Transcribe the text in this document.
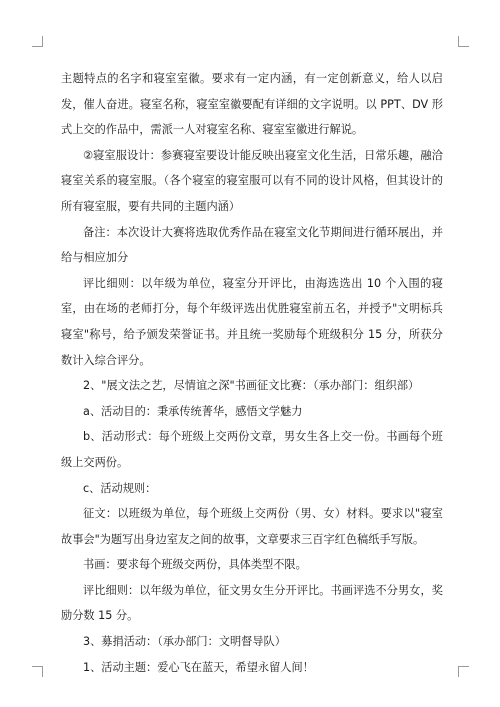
主题特点的名字和寝室室徽。要求有一定内涵，有一定创新意义，给人以启发，催人奋进。寝室名称，寝室室徽要配有详细的文字说明。以 PPT、DV 形式上交的作品中，需派一人对寝室名称、寝室室徽进行解说。

②寝室服设计：参赛寝室要设计能反映出寝室文化生活，日常乐趣，融洽寝室关系的寝室服。（各个寝室的寝室服可以有不同的设计风格，但其设计的所有寝室服，要有共同的主题内涵）

备注：本次设计大赛将选取优秀作品在寝室文化节期间进行循环展出，并给与相应加分

评比细则：以年级为单位，寝室分开评比，由海选选出 10 个入围的寝室，由在场的老师打分，每个年级评选出优胜寝室前五名，并授予"文明标兵寝室"称号，给予颁发荣誉证书。并且统一奖励每个班级积分 15 分，所获分数计入综合评分。

2、"展文法之艺，尽情谊之深"书画征文比赛：（承办部门：组织部）

a、活动目的：秉承传统菁华，感悟文学魅力

b、活动形式：每个班级上交两份文章，男女生各上交一份。书画每个班级上交两份。

c、活动规则：

征文：以班级为单位，每个班级上交两份（男、女）材料。要求以"寝室故事会"为题写出身边室友之间的故事，文章要求三百字红色稿纸手写版。

书画：要求每个班级交两份，具体类型不限。

评比细则：以年级为单位，征文男女生分开评比。书画评选不分男女，奖励分数 15 分。

3、募捐活动：（承办部门：文明督导队）

1、活动主题：爱心飞在蓝天，希望永留人间！
